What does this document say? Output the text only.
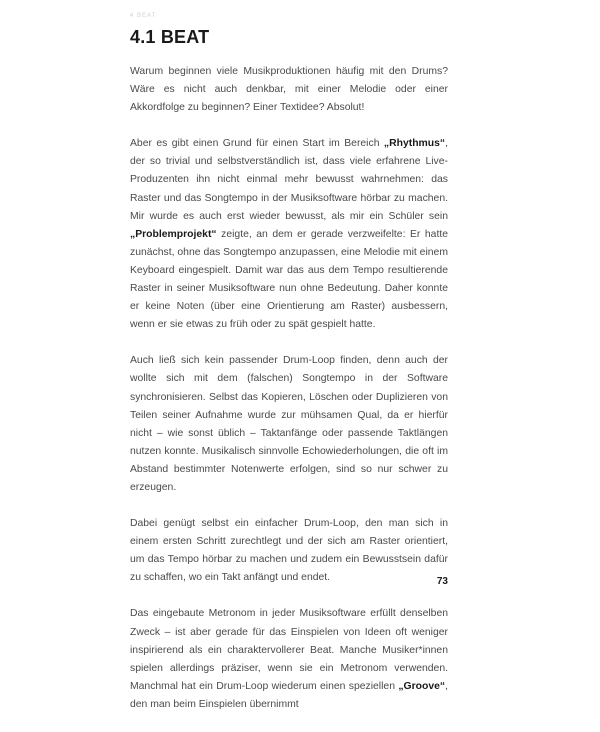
4 BEAT
4.1 BEAT

Warum beginnen viele Musikproduktionen häufig mit den Drums? Wäre es nicht auch denkbar, mit einer Melodie oder einer Akkordfolge zu beginnen? Einer Textidee? Absolut!

Aber es gibt einen Grund für einen Start im Bereich „Rhythmus“, der so trivial und selbstverständlich ist, dass viele erfahrene Live-Produzenten ihn nicht einmal mehr bewusst wahrnehmen: das Raster und das Songtempo in der Musiksoftware hörbar zu machen. Mir wurde es auch erst wieder bewusst, als mir ein Schüler sein „Problemprojekt“ zeigte, an dem er gerade verzweifelte: Er hatte zunächst, ohne das Songtempo anzupassen, eine Melodie mit einem Keyboard eingespielt. Damit war das aus dem Tempo resultierende Raster in seiner Musiksoftware nun ohne Bedeutung. Daher konnte er keine Noten (über eine Orientierung am Raster) ausbessern, wenn er sie etwas zu früh oder zu spät gespielt hatte.

Auch ließ sich kein passender Drum-Loop finden, denn auch der wollte sich mit dem (falschen) Songtempo in der Software synchronisieren. Selbst das Kopieren, Löschen oder Duplizieren von Teilen seiner Aufnahme wurde zur mühsamen Qual, da er hierfür nicht – wie sonst üblich – Taktanfänge oder passende Taktlängen nutzen konnte. Musikalisch sinnvolle Echowiederholungen, die oft im Abstand bestimmter Notenwerte erfolgen, sind so nur schwer zu erzeugen.

Dabei genügt selbst ein einfacher Drum-Loop, den man sich in einem ersten Schritt zurechtlegt und der sich am Raster orientiert, um das Tempo hörbar zu machen und zudem ein Bewusstsein dafür zu schaffen, wo ein Takt anfängt und endet.

Das eingebaute Metronom in jeder Musiksoftware erfüllt denselben Zweck – ist aber gerade für das Einspielen von Ideen oft weniger inspirierend als ein charaktervollerer Beat. Manche Musiker*innen spielen allerdings präziser, wenn sie ein Metronom verwenden. Manchmal hat ein Drum-Loop wiederum einen speziellen „Groove“, den man beim Einspielen übernimmt

73
